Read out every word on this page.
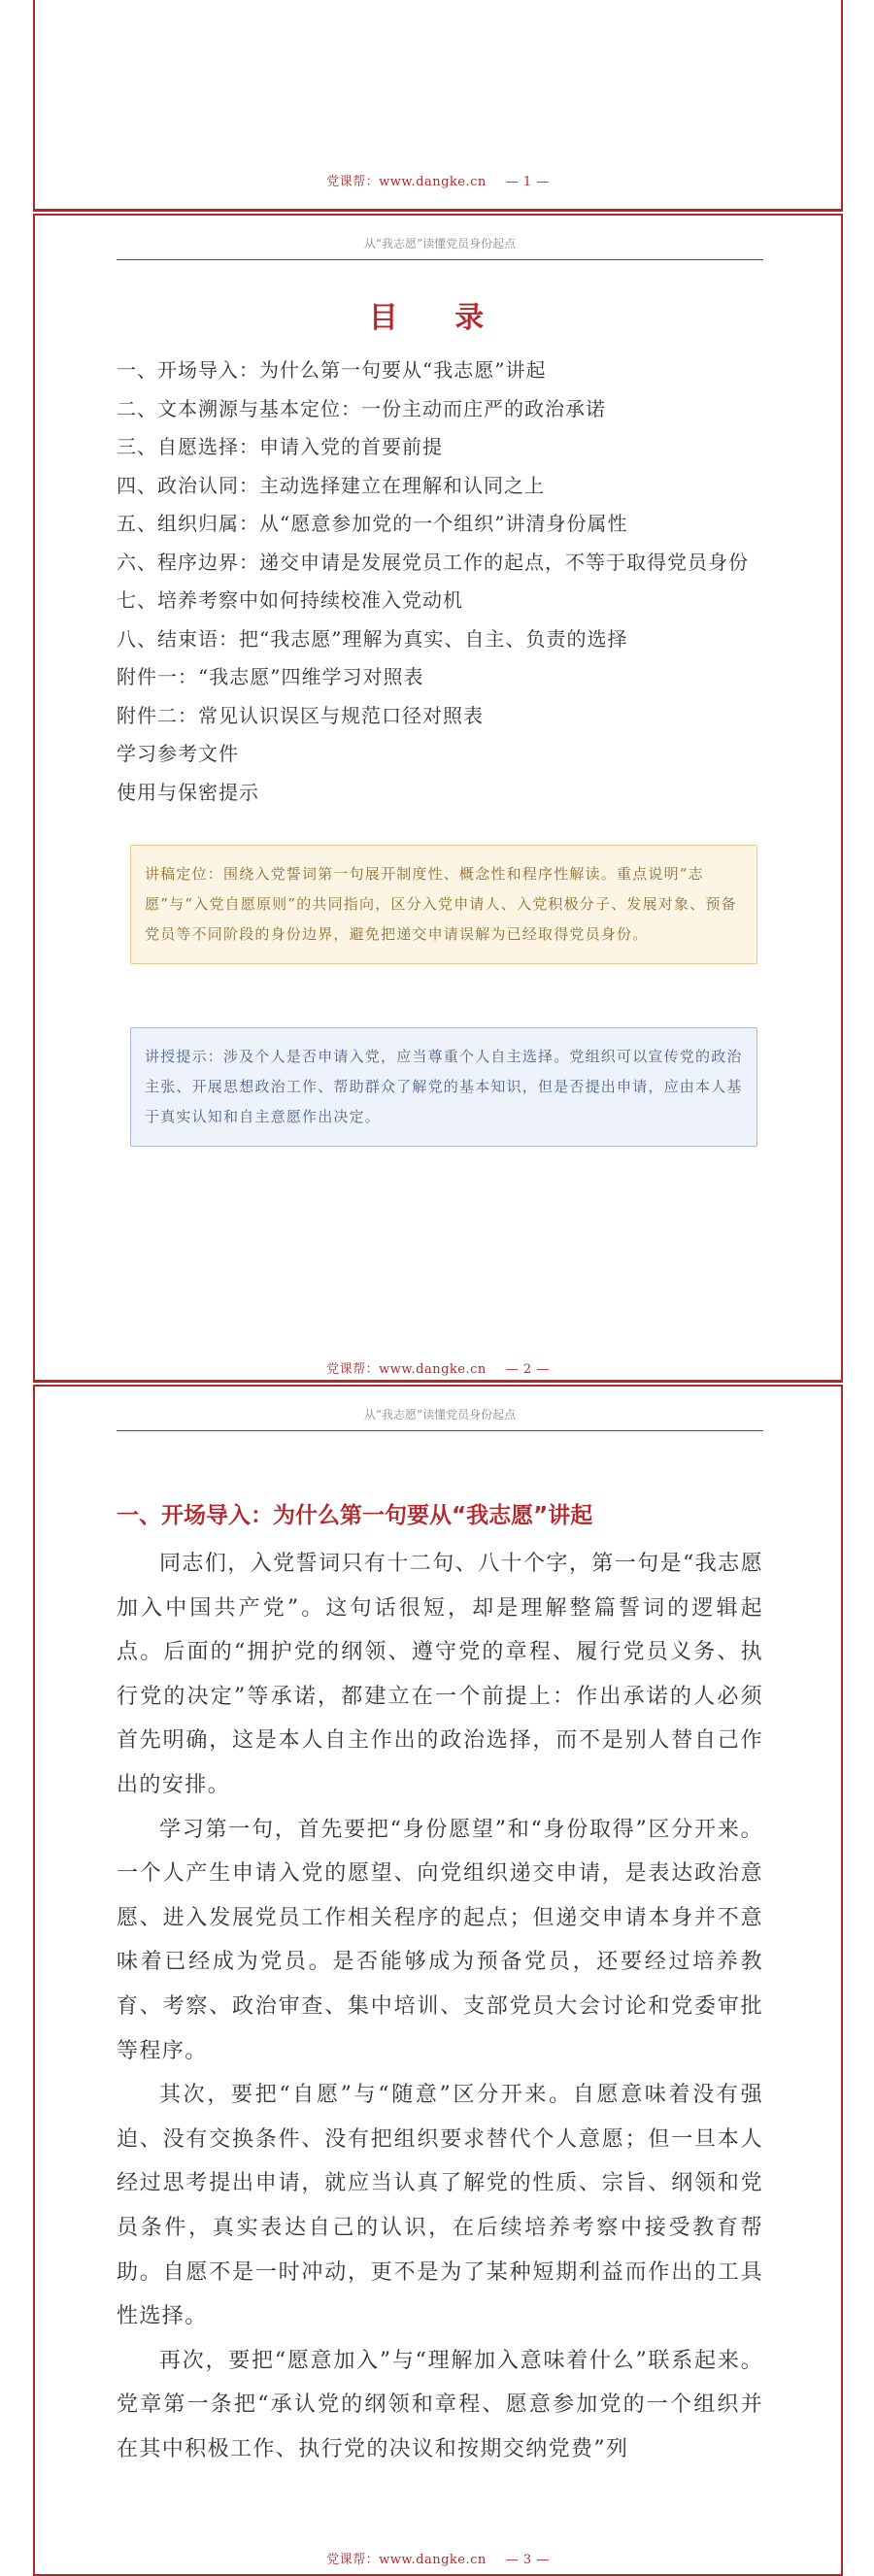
党课帮：www.dangke.cn — 1 —
从“我志愿”读懂党员身份起点
目 录
一、开场导入：为什么第一句要从“我志愿”讲起
二、文本溯源与基本定位：一份主动而庄严的政治承诺
三、自愿选择：申请入党的首要前提
四、政治认同：主动选择建立在理解和认同之上
五、组织归属：从“愿意参加党的一个组织”讲清身份属性
六、程序边界：递交申请是发展党员工作的起点，不等于取得党员身份
七、培养考察中如何持续校准入党动机
八、结束语：把“我志愿”理解为真实、自主、负责的选择
附件一：“我志愿”四维学习对照表
附件二：常见认识误区与规范口径对照表
学习参考文件
使用与保密提示
讲稿定位：围绕入党誓词第一句展开制度性、概念性和程序性解读。重点说明“志愿”与“入党自愿原则”的共同指向，区分入党申请人、入党积极分子、发展对象、预备党员等不同阶段的身份边界，避免把递交申请误解为已经取得党员身份。
讲授提示：涉及个人是否申请入党，应当尊重个人自主选择。党组织可以宣传党的政治主张、开展思想政治工作、帮助群众了解党的基本知识，但是否提出申请，应由本人基于真实认知和自主意愿作出决定。
党课帮：www.dangke.cn — 2 —
从“我志愿”读懂党员身份起点
一、开场导入：为什么第一句要从“我志愿”讲起

同志们，入党誓词只有十二句、八十个字，第一句是“我志愿加入中国共产党”。这句话很短，却是理解整篇誓词的逻辑起点。后面的“拥护党的纲领、遵守党的章程、履行党员义务、执行党的决定”等承诺，都建立在一个前提上：作出承诺的人必须首先明确，这是本人自主作出的政治选择，而不是别人替自己作出的安排。

学习第一句，首先要把“身份愿望”和“身份取得”区分开来。一个人产生申请入党的愿望、向党组织递交申请，是表达政治意愿、进入发展党员工作相关程序的起点；但递交申请本身并不意味着已经成为党员。是否能够成为预备党员，还要经过培养教育、考察、政治审查、集中培训、支部党员大会讨论和党委审批等程序。

其次，要把“自愿”与“随意”区分开来。自愿意味着没有强迫、没有交换条件、没有把组织要求替代个人意愿；但一旦本人经过思考提出申请，就应当认真了解党的性质、宗旨、纲领和党员条件，真实表达自己的认识，在后续培养考察中接受教育帮助。自愿不是一时冲动，更不是为了某种短期利益而作出的工具性选择。

再次，要把“愿意加入”与“理解加入意味着什么”联系起来。党章第一条把“承认党的纲领和章程、愿意参加党的一个组织并在其中积极工作、执行党的决议和按期交纳党费”列

党课帮：www.dangke.cn — 3 —
